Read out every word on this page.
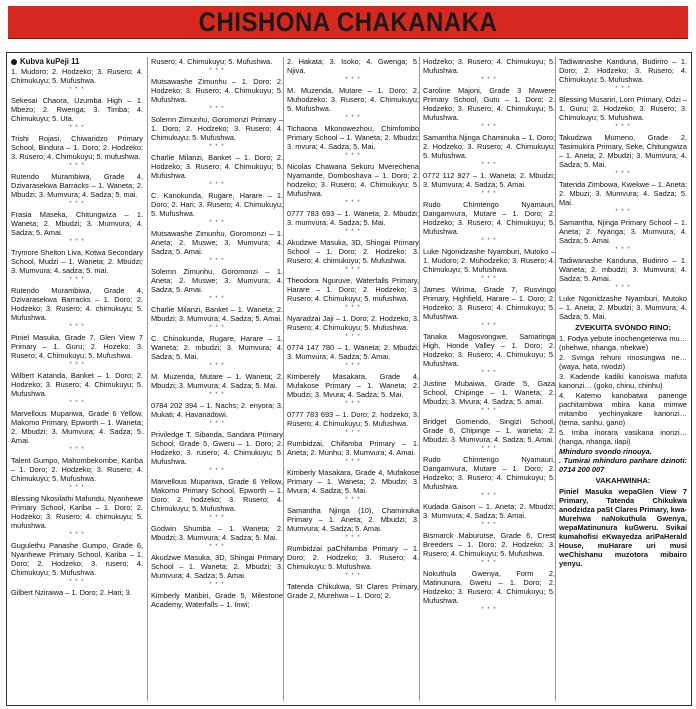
CHISHONA CHAKANAKA
Kubva kuPeji 11
1. Mudoro; 2. Hodzeko; 3. Rusero; 4. Chimukuyu; 5. Mufushwa.
* * *
Sekesai Chaora, Uzumba High – 1. Mbezo; 2. Rwenga; 3. Timba; 4. Chimukuyu; 5. Uta.
* * *
Trishi Rojasi, Chiwaridzo Primary School, Bindura – 1. Doro; 2. Hodzeko; 3. Rusero; 4. Chimukuyu; 5. mufushwa.
* * *
Rutendo Murambiwa, Grade 4, Dzivarasekwa Barracks – 1. Waneta; 2. Mbudzi; 3. Mumvura; 4. Sadza; 5. mai.
* * *
Frasia Maseka, Chitungwiza – 1. Waneta; 2. Mbudzi; 3. Mumvura; 4. Sadza; 5. Amai.
* * *
Trymore Shelton Liva, Kotwa Secondary School, Mudzi – 1. Waneta; 2. Mbudzi; 3. Mumvura; 4. sadza; 5. mai.
* * *
Rutendo Murambiwa, Grade 4, Dzivarasekwa Barracks – 1. Doro; 2. Hodzeko; 3. Rusero; 4. chimukuyu; 5. Mufushwa.
* * *
Piniel Masuka, Grade 7, Glen View 7 Primary – 1. Guru; 2. Hozeko; 3. Rusero; 4. Chimukuyu; 5. Mufushwa.
* * *
Wilbert Katanda, Banket – 1. Doro; 2. Hodzeko; 3. Rusero; 4. Chimukuyu; 5. Mufushwa.
* * *
Marvellous Mupariwa, Grade 6 Yellow, Makomo Primary, Epworth – 1. Waneta; 2. Mbudzi; 3. Mumvura; 4. Sadza; 5. Amai.
* * *
Talent Gumpo, Mahombekombe, Kariba – 1. Doro; 2. Hodzeko; 3. Rusero; 4. Chimukuyu; 5. Mufushwa.
* * *
Blessing Nkosilathi Mafundu, Nyanhewe Primary School, Kariba – 1. Doro; 2. Hodzeko; 3. Rusero; 4. chimukuyu; 5. mufushwa.
* * *
Gugulethu Panashe Gumpo, Grade 6, Nyanhewe Primary School, Kariba – 1. Doro; 2. Hodzeko; 3. rusero; 4. Chimukuyu; 5. Mufushwa.
* * *
Gilbert Nziraiwa – 1. Doro; 2. Hari; 3.
Rusero; 4. Chimukuyu; 5. Mufushwa.
* * *
Mutsawashe Zimunhu – 1. Doro; 2. Hodzeko; 3. Rusero; 4. Chimukuyu; 5. Mufushwa.
* * *
Solemn Zimunhu, Goromonzi Primary – 1. Doro; 2. Hodzeko; 3. Rusero; 4. Chimukuyu; 5. Mufushwa.
* * *
Charlie Milanzi, Banket – 1. Doro; 2. Hodzeko; 3. Rusero; 4. Chimukuyu; 5. Mufushwa.
* * *
C. Kanokunda, Rugare, Harare – 1. Doro; 2. Hari; 3. Rusero; 4. Chimukuyu; 5. Mufushwa.
* * *
Mutsawashe Zimunhu, Goromonzi – 1. Aneta; 2. Muswe; 3. Mumvura; 4. Sadza; 5. Amai.
* * *
Solemn Zimunhu, Goromonzi – 1. Aneta; 2. Muswe; 3. Mumvura; 4. Sadza; 5. Amai.
* * *
Charlie Milanzi, Banket – 1. Waneta; 2. Mbudzi; 3. Mumvura; 4. Sadza; 5. Amai.
* * *
C. Chinokunda, Rugare, Harare – 1. Waneta; 2. mbudzi; 3. Mumvura; 4. Sadza; 5. Mai.
* * *
M. Muzenda, Mutare – 1. Waneta; 2. Mbudzi; 3. Mumvura; 4. Sadza; 5. Mai.
* * *
0784 202 394 – 1. Nachs; 2. enyora; 3. Mukati; 4. Havanadowi.
* * *
Priviledge T. Sibanda, Sandara Primary School, Grade 5, Gweru – 1. Doro; 2. Hodzeko; 3. rusero; 4. Chimukuyu; 5. Mufushwa.
* * *
Marvellous Mupariwa, Grade 6 Yellow, Makomo Primary School, Epworth – 1. Doro; 2. hodzeko; 3. Rusero; 4. Chimukuyu; 5. Mufushwa.
* * *
Godwin Shumba – 1. Waneta; 2. Mbudzi; 3. Mumvura; 4. Sadza; 5. Mai.
* * *
Akudzwe Masuka, 3D, Shingai Primary School – 1. Waneta; 2. Mbudzi; 3. Mumvura; 4. Sadza; 5. Amai.
* * *
Kimberly Matibiri, Grade 5, Milestone Academy, Waterfalls – 1. Inwi;
2. Hakata; 3. Isoko; 4. Gwenga; 5. Njiva.
* * *
M. Muzenda, Mutare – 1. Doro; 2. Muhodzeko; 3. Rusero; 4. Chimukuyu; 5. Mufushwa.
* * *
Tichaona Mkonowezhou, Chimfombo Primary School – 1. Waneta; 2. Mbudzi; 3. mvura; 4. Sadza; 5. Mai.
* * *
Nicolas Chawana Sekuru Mverechena Nyamande, Domboshava – 1. Doro; 2. hodzeko; 3. Rusero; 4. Chimukuyu; 5. Mufushwa.
* * *
0777 783 693 – 1. Waneta; 2. Mbudzi; 3. mumvura; 4. Sadza; 5. Mai.
* * *
Akudzwe Masuka, 3D, Shingai Primary School – 1. Doro; 2. Hodzeko; 3. Rusero; 4. chimukuyu; 5. Mufushwa.
* * *
Theodora Nguruve, Waterfalls Primary, Harare – 1. Doro; 2. Hodzeko; 3. Rusero; 4. Chimukuyu; 5. mufushwa.
* * *
Nyaradzai Jaji – 1. Doro; 2. Hodzeko; 3. Rusero; 4. Chimukuyu; 5. Mufushwa.
* * *
0774 147 780 – 1. Waneta; 2. Mbudzi; 3. Mumvura; 4. Sadza; 5. Amai.
* * *
Kimberely Masakara, Grade 4, Mufakose Primary – 1. Waneta; 2. Mbudzi; 3. Mvura; 4. Sadza; 5. Mai.
* * *
0777 783 693 – 1. Doro; 2. hodzeko; 3. Rusero; 4. Chimukuyu; 5. Mufushwa.
* * *
Rumbidzai, Chifamba Primary – 1. Aneta; 2. Munhu; 3. Mumvura; 4. Amai.
* * *
Kimberly Masakara, Grade 4, Mufakose Primary – 1. Waneta; 2. Mbudzi; 3. Mvura; 4. Sadza; 5. Mai.
* * *
Samantha Njinga (10), Chaminuka Primary – 1. Aneta; 2. Mbudzi; 3. Mumvura; 4. Sadza; 5. Amai.
* * *
Rumbidzai paChifamba Primary – 1. Doro; 2. Hodzeko; 3. Rusero; 4. Chimukuyu; 5. Mufushwa.
* * *
Tatenda Chikukwa, St Clares Primary, Grade 2, Murehwa – 1. Doro; 2.
Hodzeko; 3. Rusero; 4. Chimukuyu; 5. Mufushwa.
* * *
Caroline Majoni, Grade 3 Mawere Primary School, Gutu – 1. Doro; 2. Hodzeko; 3. Rusero; 4. Chimukuyu; 5. Mufushwa.
* * *
Samantha Njinga Chaminuka – 1. Doro; 2. Hodzeko; 3. Rusero; 4. Chimukuyu; 5. Mufushwa.
* * *
0772 112 927 – 1. Waneta; 2. Mbudzi; 3. Mumvura; 4. Sadza; 5. Amai.
* * *
Rudo Chimtengo Nyamauri, Dangamvura, Mutare – 1. Doro; 2. Hodzeko; 3. Rusero; 4. Chimukuyu; 5. Mufushwa.
* * *
Luke Ngonidzashe Nyamburi, Mutoko – 1. Mudoro; 2. Muhodzeko; 3. Rusero; 4. Chimukuyu; 5. Mufushwa.
* * *
James Wirima, Grade 7, Rusvingo Primary, Highfield, Harare – 1. Doro; 2. Hodzeko; 3. Rusero; 4. Chimukuyu; 5. Mufushwa.
* * *
Tanaka Magosvongwe, Samaringa High, Honde Valley – 1. Doro; 2. Hodzeko; 3. Rusero; 4. Chimukuyu; 5. Mufushwa.
* * *
Justine Mubaiwa, Grade 5, Gaza School, Chipinge – 1. Waneta; 2. Mbudzi; 3. Mvura; 4. Sadza; 5. amai.
* * *
Bridget Gomendo, Singizi School, Grade 6, Chipinge – 1. waneta; 2. Mbudzi; 3. Mumvura; 4. Sadza; 5. Amai.
* * *
Rudo Chimtengo Nyamauri, Dangamvura, Mutare – 1. Doro; 2. Hodzeko; 3. Rusero; 4. Chimukuyu; 5. Mufushwa.
* * *
Kudada Gaison – 1. Aneta; 2. Mbudzi; 3. Mumvura; 4. Sadza; 5. Amai.
* * *
Bismarck Maburutse, Grade 6, Crest Breeders – 1. Doro; 2. Hodzeko; 3. Rusero; 4. Chimukuyu; 5. Mufushwa.
* * *
Nokuthula Gwenya, Form 2, Matinunura, Gweru – 1. Doro; 2. Hodzeko; 3. Rusero; 4. Chimukuyu; 5. Mufushwa.
* * *
Tadiwanashe Kanduna, Budiriro – 1. Doro; 2. Hodzeko; 3. Rusero; 4. Chimukuyu; 5. Mufushwa.
* * *
Blessing Musariri, Lorn Primary, Odzi – 1. Guru; 2. Hodzeko; 3. Rusero; 3. Chimukuyu; 5. Mufushwa.
* * *
Takudzwa Mumeno, Grade 2, Tasimukira Primary, Seke, Chitungwiza – 1. Aneta; 2. Mbudzi; 3. Mumvura; 4. Sadza; 5. Mai.
* * *
Tatenda Zimbowa, Kwekwe – 1. Aneta; 2. Mbuzi; 3. Mumvura; 4. Sadza; 5. Mai.
* * *
Samantha, Njinga Primary School – 1. Aneta; 2. Nyanga; 3. Mumvura; 4. Sadza; 5. Amai.
* * *
Tadiwanashe Kanduna, Budiriro – 1. Waneta; 2. mbudzi; 3. Mumvura; 4. Sadza; 5. Amai.
* * *
Luke Ngonidzashe Nyamburi, Mutoko – 1. Aneta; 2. Mbudzi; 3. Mumvura; 4. Sadza; 5. Mai.
ZVEKUITA SVONDO RINO:
1. Fodya yebute inochengeterwa mu… (nhehwe, nhanga, nhekwe)
2. Svinga rehuni rinosungwa ne… (waya, hata, rwodzi)
3. Kadende kadiki kanoiswa mafuta kanonzi… (goko, chinu, chinhu)
4. Katemo kanobatwa panenge pachitambwa mbira kana mimwe mitambo yechinyakare kanonzi… (tema, sanhu, gano)
5. Imba inorara vasikana inonzi… (hanga, nhanga, ilapi)
Mhinduro svondo rinouya.
. Tumirai mhinduro panhare dzinoti: 0714 200 007
VAKAHWINHA:
Piniel Masuka wepaGlen View 7 Primary, Tatenda Chikukwa anodzidza paSt Clares Primary, kwa-Murehwa naNokuthula Gwenya, wepaMatinunura kuGweru. Svikai kumahofisi eKwayedza ariPaHerald House, muHarare uri musi weChishanu muzotora mibairo yenyu.
